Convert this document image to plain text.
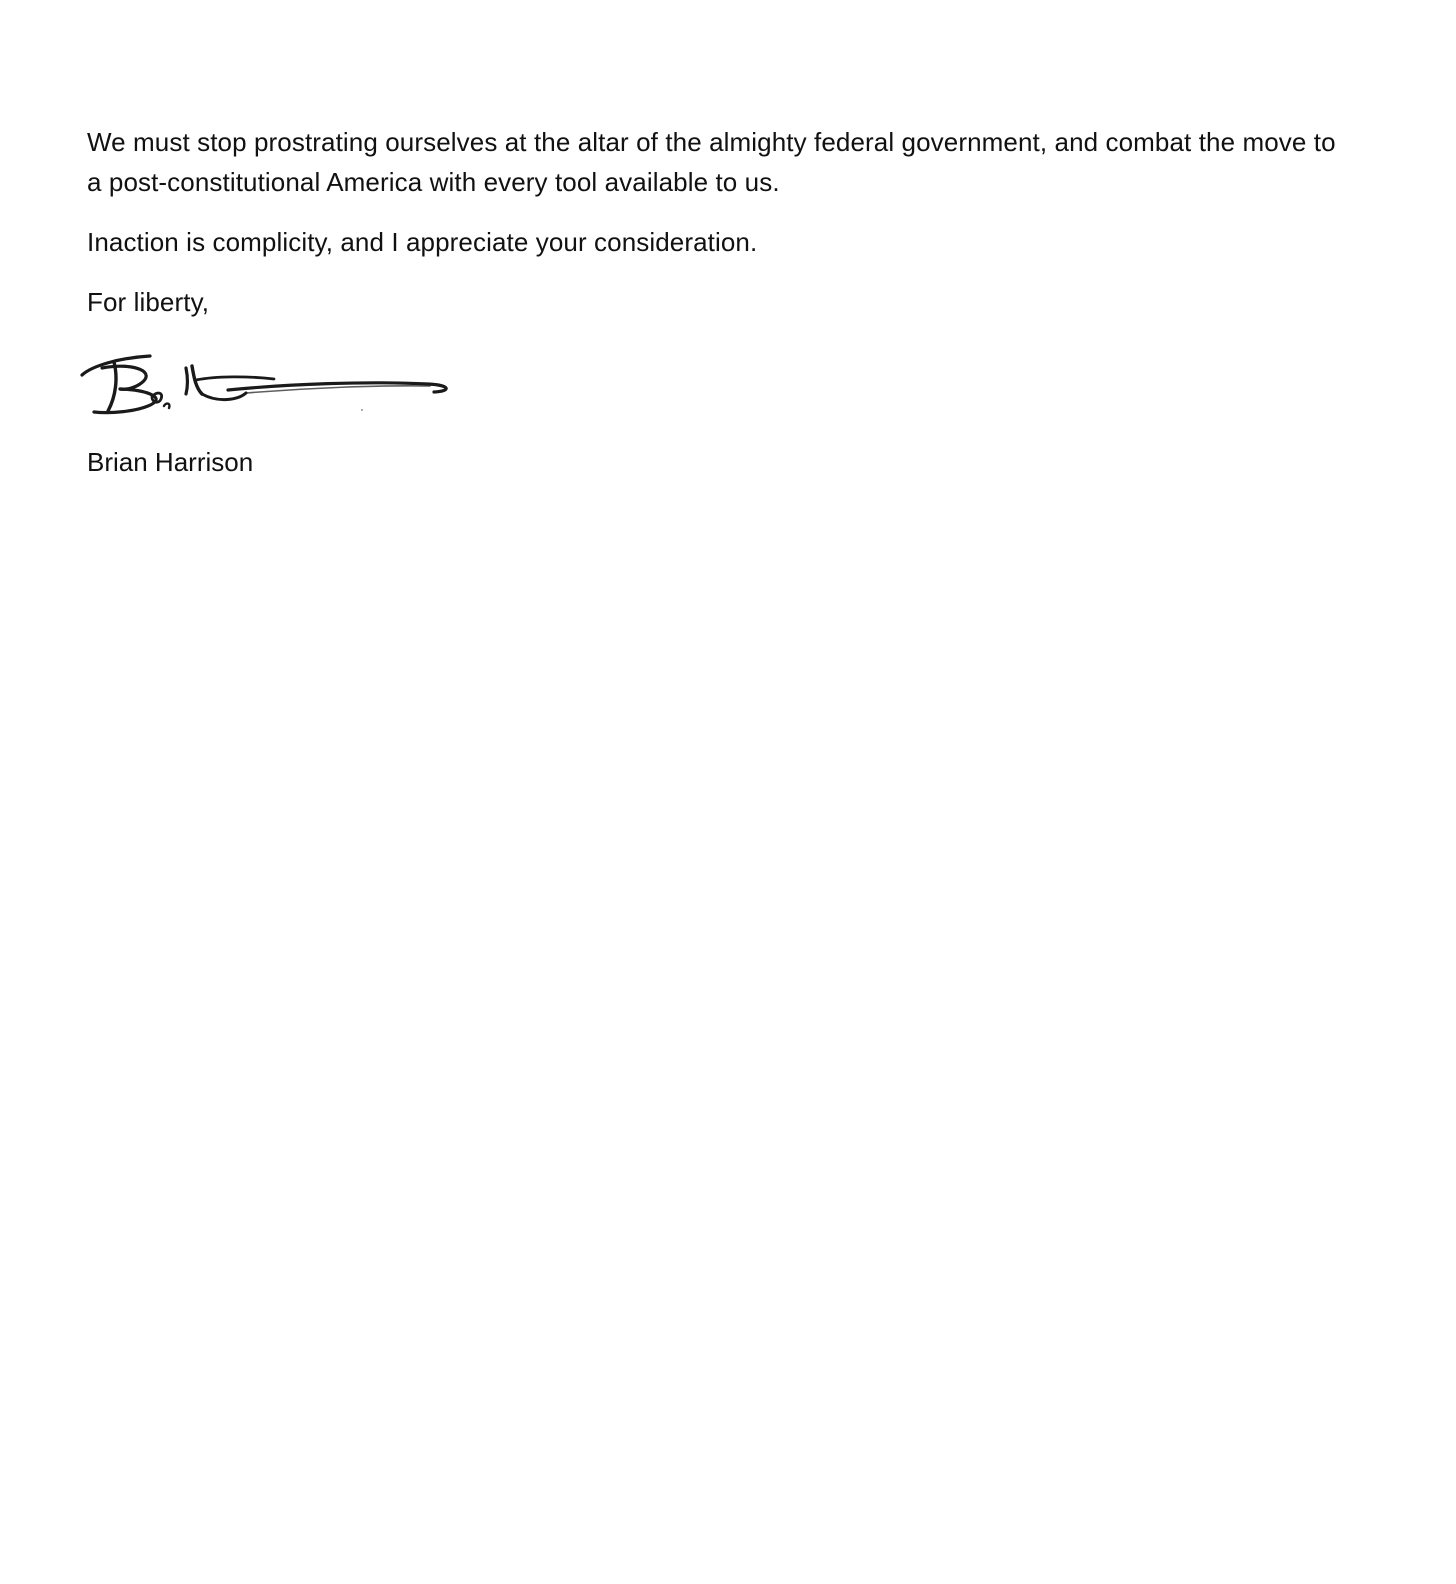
We must stop prostrating ourselves at the altar of the almighty federal government, and combat the move to a post-constitutional America with every tool available to us.

Inaction is complicity, and I appreciate your consideration.

For liberty,

Brian Harrison
